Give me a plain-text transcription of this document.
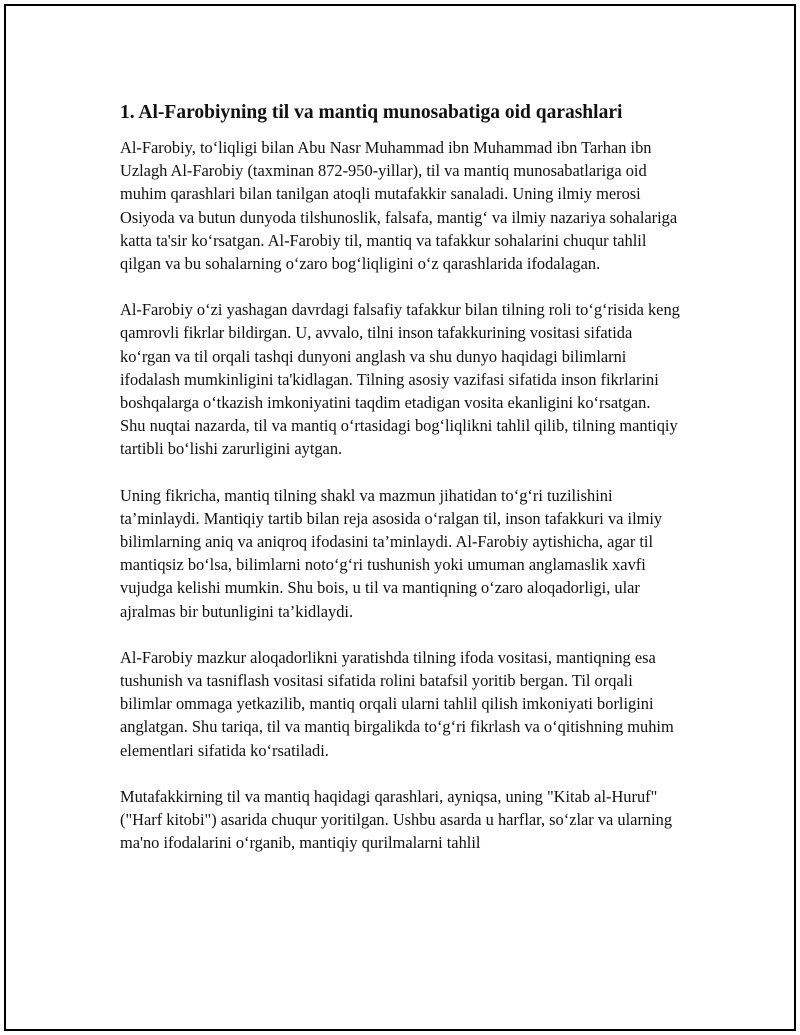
1. Al-Farobiyning til va mantiq munosabatiga oid qarashlari

Al-Farobiy, to‘liqligi bilan Abu Nasr Muhammad ibn Muhammad ibn Tarhan ibn Uzlagh Al-Farobiy (taxminan 872-950-yillar), til va mantiq munosabatlariga oid muhim qarashlari bilan tanilgan atoqli mutafakkir sanaladi. Uning ilmiy merosi Osiyoda va butun dunyoda tilshunoslik, falsafa, mantig‘ va ilmiy nazariya sohalariga katta ta'sir ko‘rsatgan. Al-Farobiy til, mantiq va tafakkur sohalarini chuqur tahlil qilgan va bu sohalarning o‘zaro bog‘liqligini o‘z qarashlarida ifodalagan.

Al-Farobiy o‘zi yashagan davrdagi falsafiy tafakkur bilan tilning roli to‘g‘risida keng qamrovli fikrlar bildirgan. U, avvalo, tilni inson tafakkurining vositasi sifatida ko‘rgan va til orqali tashqi dunyoni anglash va shu dunyo haqidagi bilimlarni ifodalash mumkinligini ta'kidlagan. Tilning asosiy vazifasi sifatida inson fikrlarini boshqalarga o‘tkazish imkoniyatini taqdim etadigan vosita ekanligini ko‘rsatgan. Shu nuqtai nazarda, til va mantiq o‘rtasidagi bog‘liqlikni tahlil qilib, tilning mantiqiy tartibli bo‘lishi zarurligini aytgan.

Uning fikricha, mantiq tilning shakl va mazmun jihatidan to‘g‘ri tuzilishini ta’minlaydi. Mantiqiy tartib bilan reja asosida o‘ralgan til, inson tafakkuri va ilmiy bilimlarning aniq va aniqroq ifodasini ta’minlaydi. Al-Farobiy aytishicha, agar til mantiqsiz bo‘lsa, bilimlarni noto‘g‘ri tushunish yoki umuman anglamaslik xavfi vujudga kelishi mumkin. Shu bois, u til va mantiqning o‘zaro aloqadorligi, ular ajralmas bir butunligini ta’kidlaydi.

Al-Farobiy mazkur aloqadorlikni yaratishda tilning ifoda vositasi, mantiqning esa tushunish va tasniflash vositasi sifatida rolini batafsil yoritib bergan. Til orqali bilimlar ommaga yetkazilib, mantiq orqali ularni tahlil qilish imkoniyati borligini anglatgan. Shu tariqa, til va mantiq birgalikda to‘g‘ri fikrlash va o‘qitishning muhim elementlari sifatida ko‘rsatiladi.

Mutafakkirning til va mantiq haqidagi qarashlari, ayniqsa, uning "Kitab al-Huruf" ("Harf kitobi") asarida chuqur yoritilgan. Ushbu asarda u harflar, so‘zlar va ularning ma'no ifodalarini o‘rganib, mantiqiy qurilmalarni tahlil
